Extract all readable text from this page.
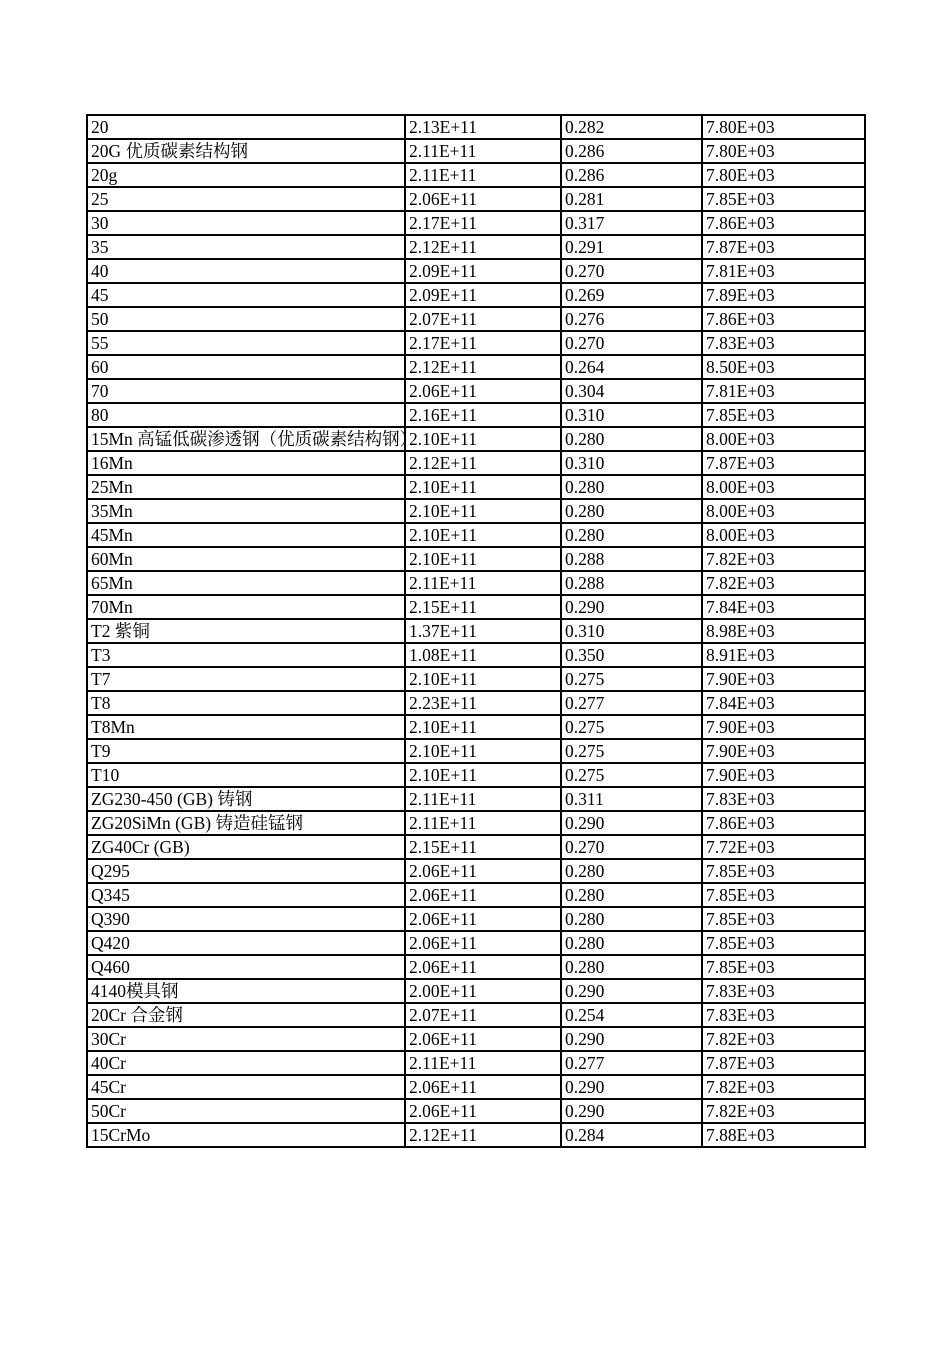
20	2.13E+11	0.282	7.80E+03
20G 优质碳素结构钢	2.11E+11	0.286	7.80E+03
20g	2.11E+11	0.286	7.80E+03
25	2.06E+11	0.281	7.85E+03
30	2.17E+11	0.317	7.86E+03
35	2.12E+11	0.291	7.87E+03
40	2.09E+11	0.270	7.81E+03
45	2.09E+11	0.269	7.89E+03
50	2.07E+11	0.276	7.86E+03
55	2.17E+11	0.270	7.83E+03
60	2.12E+11	0.264	8.50E+03
70	2.06E+11	0.304	7.81E+03
80	2.16E+11	0.310	7.85E+03
15Mn 高锰低碳渗透钢（优质碳素结构钢）	2.10E+11	0.280	8.00E+03
16Mn	2.12E+11	0.310	7.87E+03
25Mn	2.10E+11	0.280	8.00E+03
35Mn	2.10E+11	0.280	8.00E+03
45Mn	2.10E+11	0.280	8.00E+03
60Mn	2.10E+11	0.288	7.82E+03
65Mn	2.11E+11	0.288	7.82E+03
70Mn	2.15E+11	0.290	7.84E+03
T2 紫铜	1.37E+11	0.310	8.98E+03
T3	1.08E+11	0.350	8.91E+03
T7	2.10E+11	0.275	7.90E+03
T8	2.23E+11	0.277	7.84E+03
T8Mn	2.10E+11	0.275	7.90E+03
T9	2.10E+11	0.275	7.90E+03
T10	2.10E+11	0.275	7.90E+03
ZG230-450 (GB) 铸钢	2.11E+11	0.311	7.83E+03
ZG20SiMn (GB) 铸造硅锰钢	2.11E+11	0.290	7.86E+03
ZG40Cr (GB)	2.15E+11	0.270	7.72E+03
Q295	2.06E+11	0.280	7.85E+03
Q345	2.06E+11	0.280	7.85E+03
Q390	2.06E+11	0.280	7.85E+03
Q420	2.06E+11	0.280	7.85E+03
Q460	2.06E+11	0.280	7.85E+03
4140模具钢	2.00E+11	0.290	7.83E+03
20Cr 合金钢	2.07E+11	0.254	7.83E+03
30Cr	2.06E+11	0.290	7.82E+03
40Cr	2.11E+11	0.277	7.87E+03
45Cr	2.06E+11	0.290	7.82E+03
50Cr	2.06E+11	0.290	7.82E+03
15CrMo	2.12E+11	0.284	7.88E+03
